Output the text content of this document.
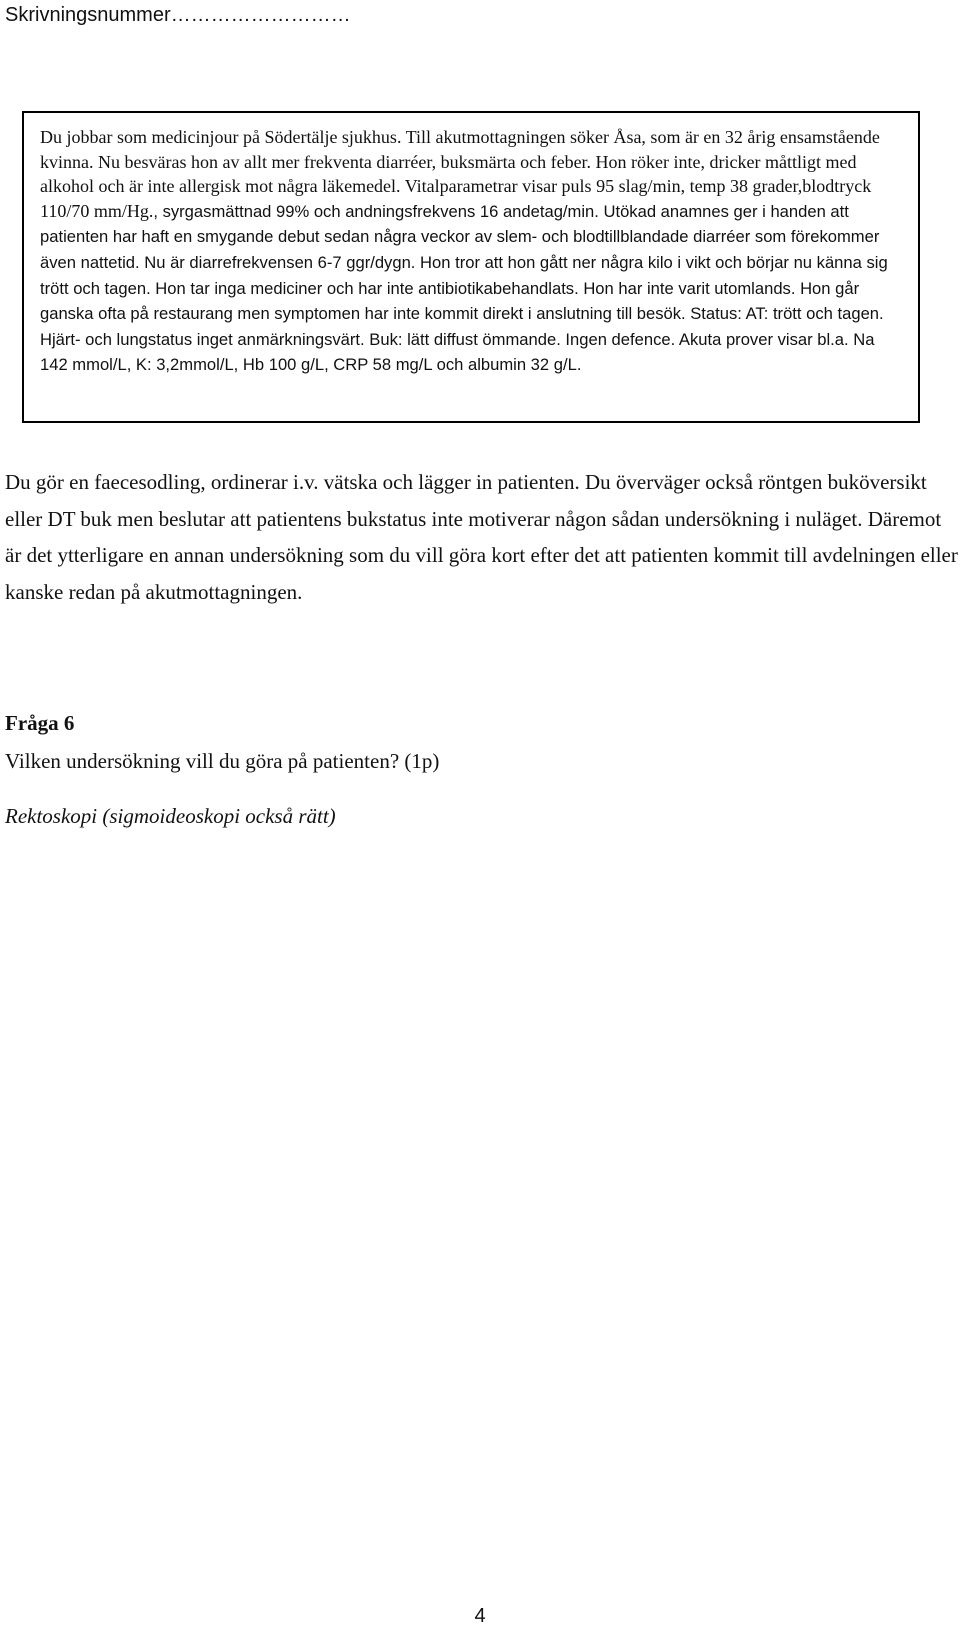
Skrivningsnummer………………………

Du jobbar som medicinjour på Södertälje sjukhus. Till akutmottagningen söker Åsa, som är en 32 årig ensamstående kvinna. Nu besväras hon av allt mer frekventa diarréer, buksmärta och feber. Hon röker inte, dricker måttligt med alkohol och är inte allergisk mot några läkemedel. Vitalparametrar visar puls 95 slag/min, temp 38 grader,blodtryck 110/70 mm/Hg., syrgasmättnad 99% och andningsfrekvens 16 andetag/min. Utökad anamnes ger i handen att patienten har haft en smygande debut sedan några veckor av slem- och blodtillblandade diarréer som förekommer även nattetid. Nu är diarrefrekvensen 6-7 ggr/dygn. Hon tror att hon gått ner några kilo i vikt och börjar nu känna sig trött och tagen. Hon tar inga mediciner och har inte antibiotikabehandlats. Hon har inte varit utomlands. Hon går ganska ofta på restaurang men symptomen har inte kommit direkt i anslutning till besök. Status: AT: trött och tagen. Hjärt- och lungstatus inget anmärkningsvärt. Buk: lätt diffust ömmande. Ingen defence. Akuta prover visar bl.a. Na 142 mmol/L, K: 3,2mmol/L, Hb 100 g/L, CRP 58 mg/L och albumin 32 g/L.

Du gör en faecesodling, ordinerar i.v. vätska och lägger in patienten. Du överväger också röntgen buköversikt eller DT buk men beslutar att patientens bukstatus inte motiverar någon sådan undersökning i nuläget. Däremot är det ytterligare en annan undersökning som du vill göra kort efter det att patienten kommit till avdelningen eller kanske redan på akutmottagningen.

Fråga 6

Vilken undersökning vill du göra på patienten? (1p)

Rektoskopi (sigmoideoskopi också rätt)

4
